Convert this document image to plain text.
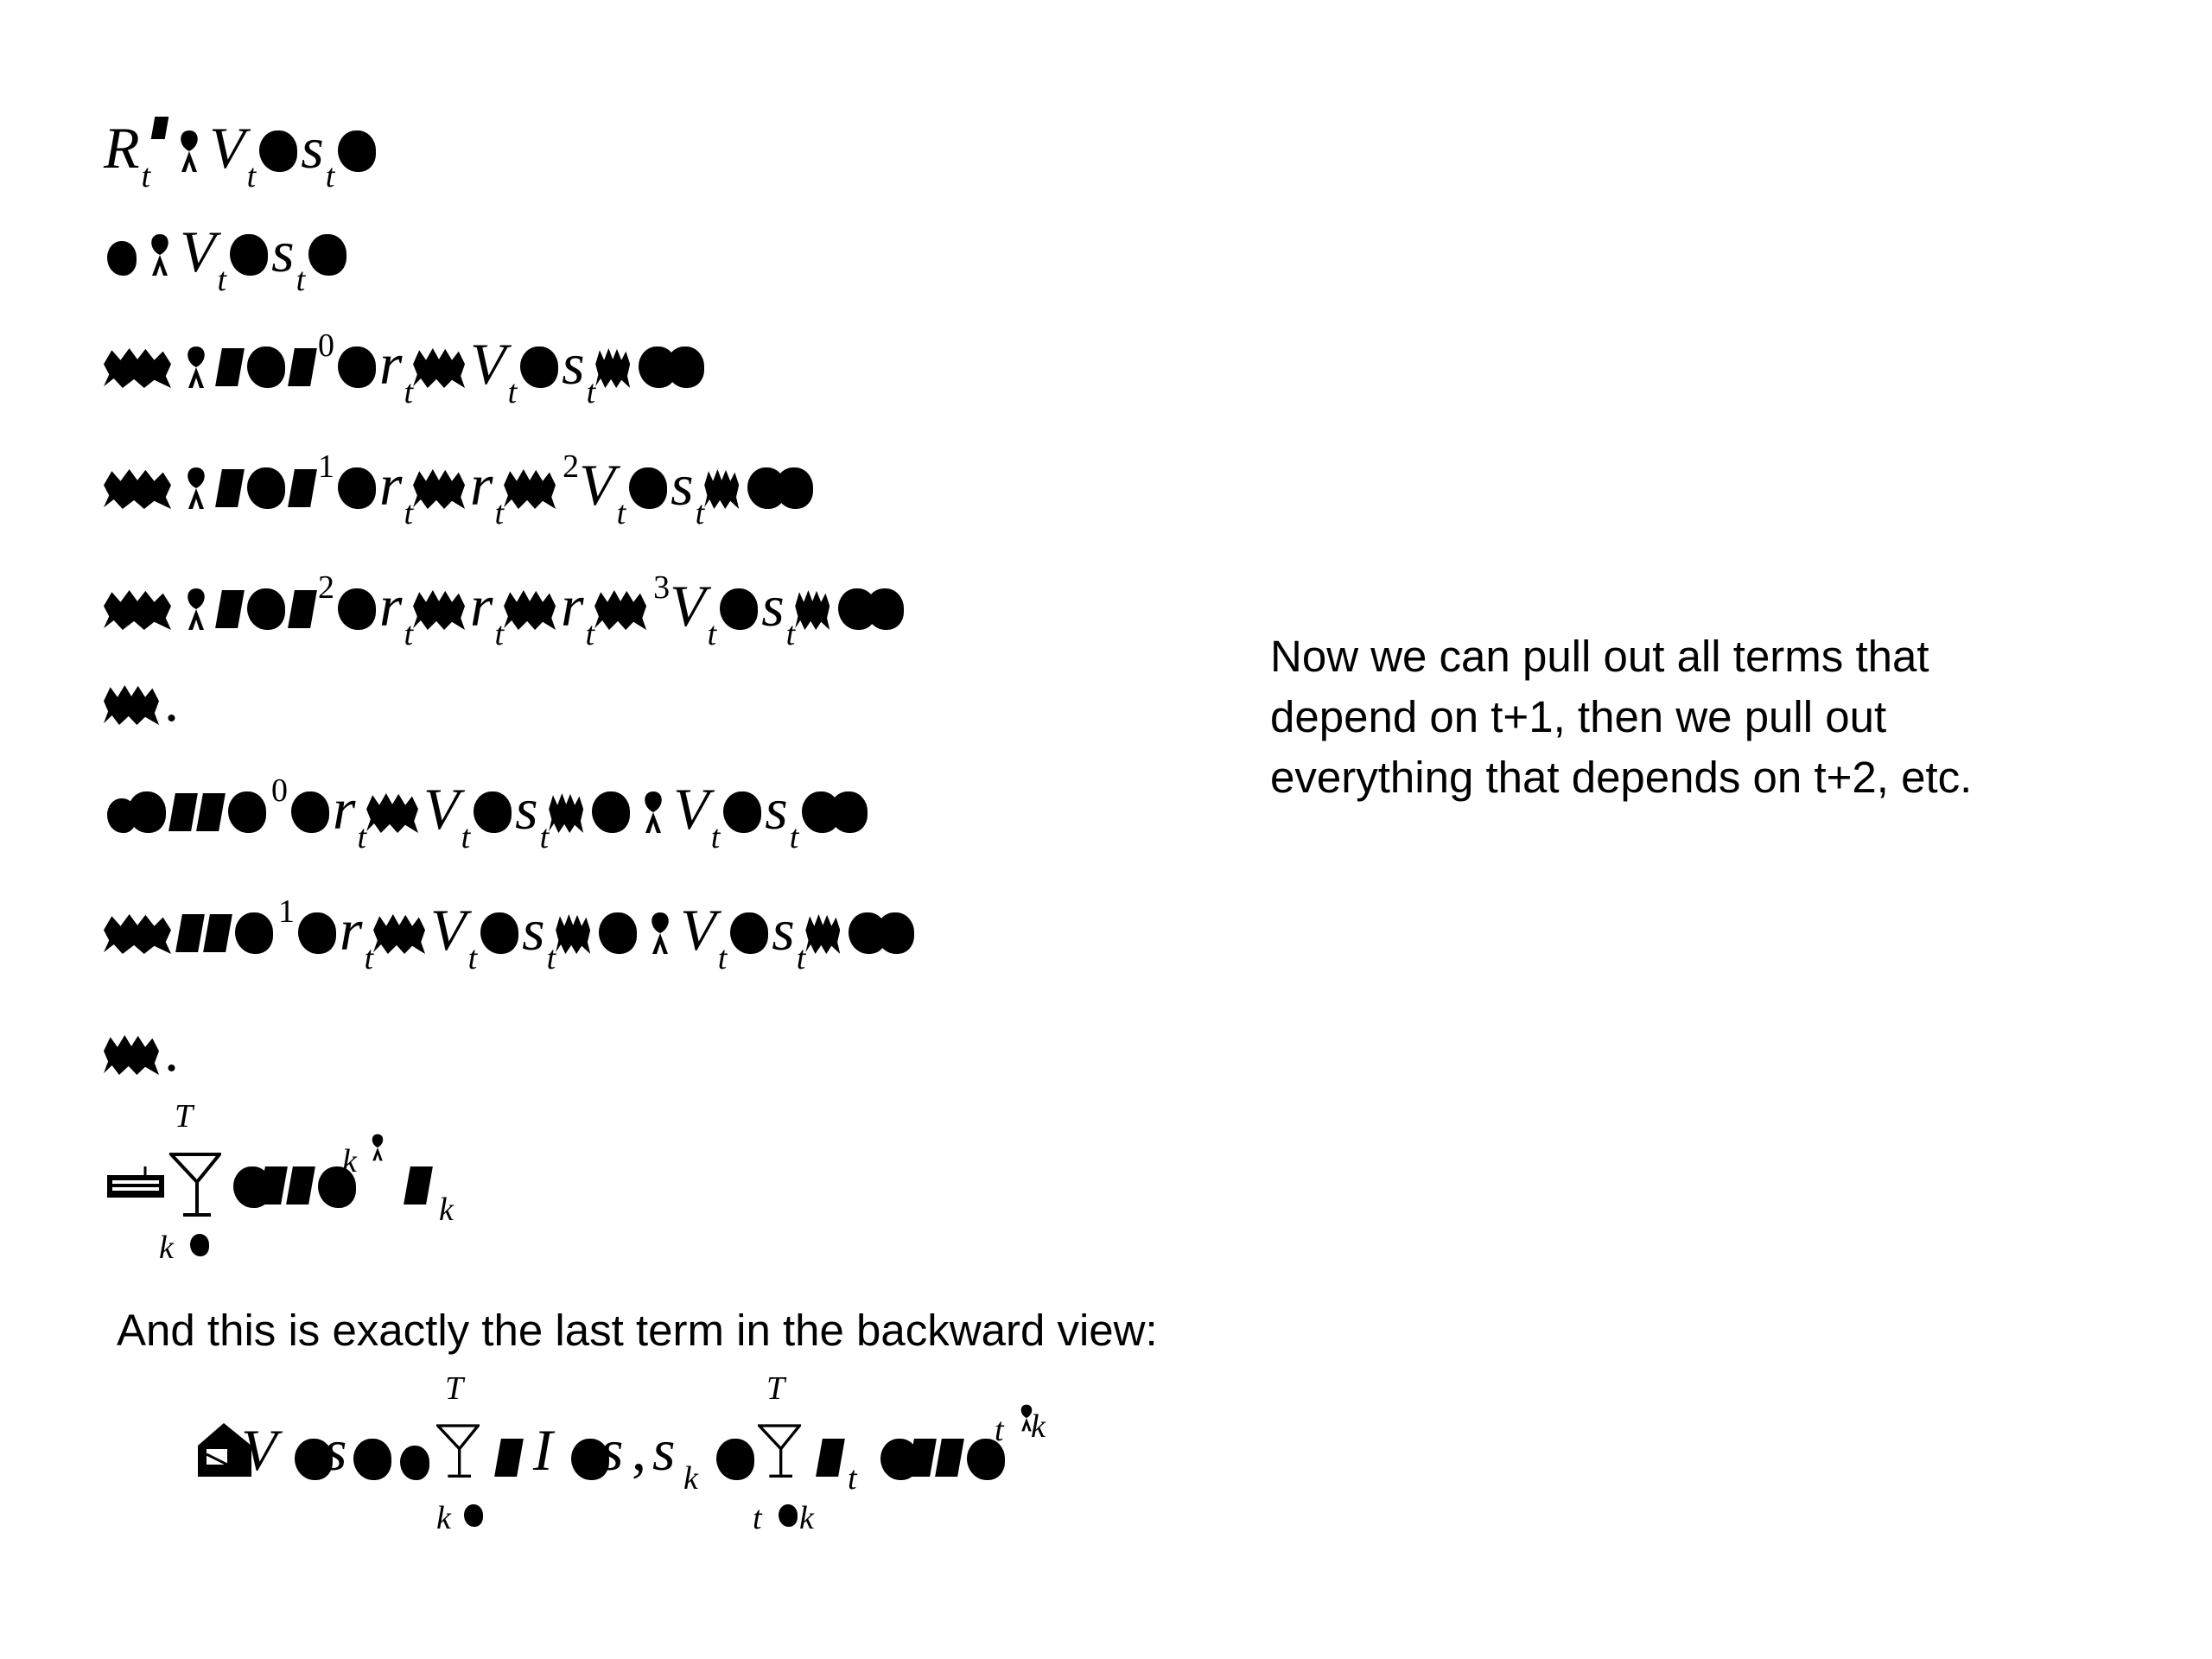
R t V t s t
V t s t
0 r t V t s t
1 r t r t
2 V t s t
2 r t r t r t
3 V t s t
.
0 r t V t s t V t s t
1 r t V t s t V t s t
.
T
k
k
k
Now we can pull out all terms that
depend on t+1, then we pull out
everything that depends on t+2, etc.
And this is exactly the last term in the backward view:
V s
T
k
I s , s k
T
t k
t
t k
